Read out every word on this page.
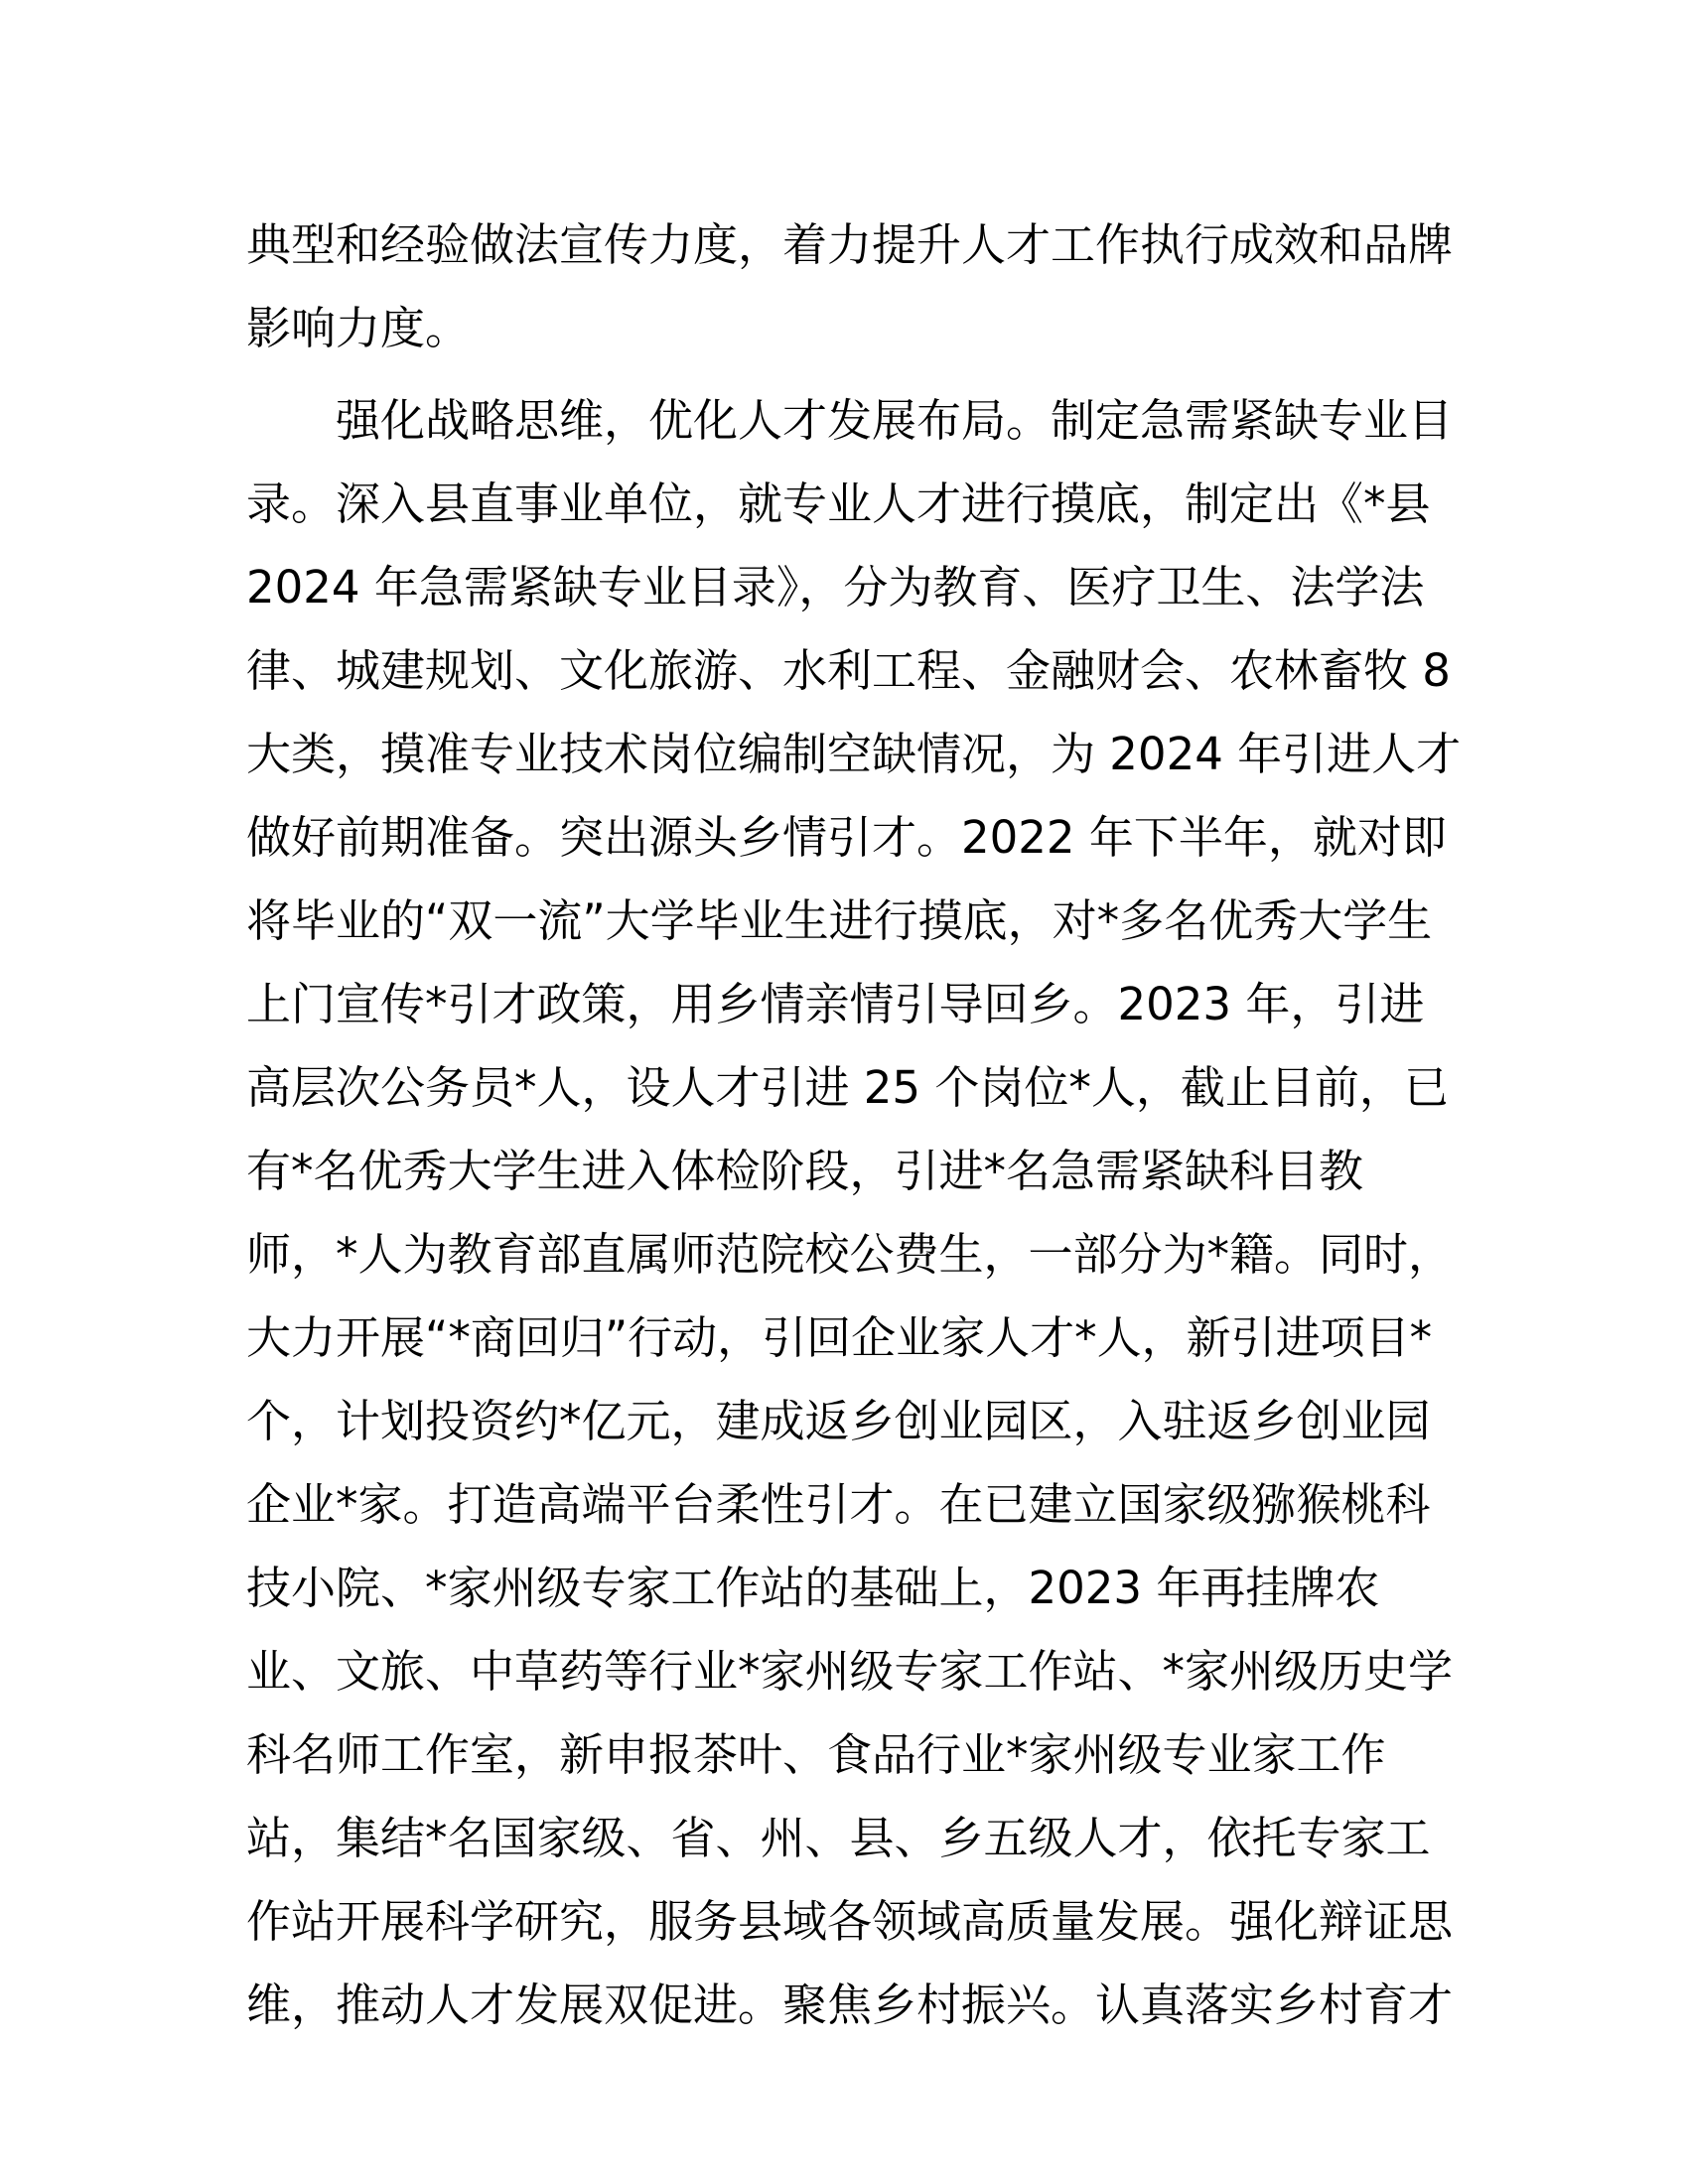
典型和经验做法宣传力度，着力提升人才工作执行成效和品牌
影响力度。
　　强化战略思维，优化人才发展布局。制定急需紧缺专业目
录。深入县直事业单位，就专业人才进行摸底，制定出《*县
2024 年急需紧缺专业目录》，分为教育、医疗卫生、法学法
律、城建规划、文化旅游、水利工程、金融财会、农林畜牧 8
大类，摸准专业技术岗位编制空缺情况，为 2024 年引进人才
做好前期准备。突出源头乡情引才。2022 年下半年，就对即
将毕业的“双一流”大学毕业生进行摸底，对*多名优秀大学生
上门宣传*引才政策，用乡情亲情引导回乡。2023 年，引进
高层次公务员*人，设人才引进 25 个岗位*人，截止目前，已
有*名优秀大学生进入体检阶段，引进*名急需紧缺科目教
师，*人为教育部直属师范院校公费生，一部分为*籍。同时，
大力开展“*商回归”行动，引回企业家人才*人，新引进项目*
个，计划投资约*亿元，建成返乡创业园区，入驻返乡创业园
企业*家。打造高端平台柔性引才。在已建立国家级猕猴桃科
技小院、*家州级专家工作站的基础上，2023 年再挂牌农
业、文旅、中草药等行业*家州级专家工作站、*家州级历史学
科名师工作室，新申报茶叶、食品行业*家州级专业家工作
站，集结*名国家级、省、州、县、乡五级人才，依托专家工
作站开展科学研究，服务县域各领域高质量发展。强化辩证思
维，推动人才发展双促进。聚焦乡村振兴。认真落实乡村育才
